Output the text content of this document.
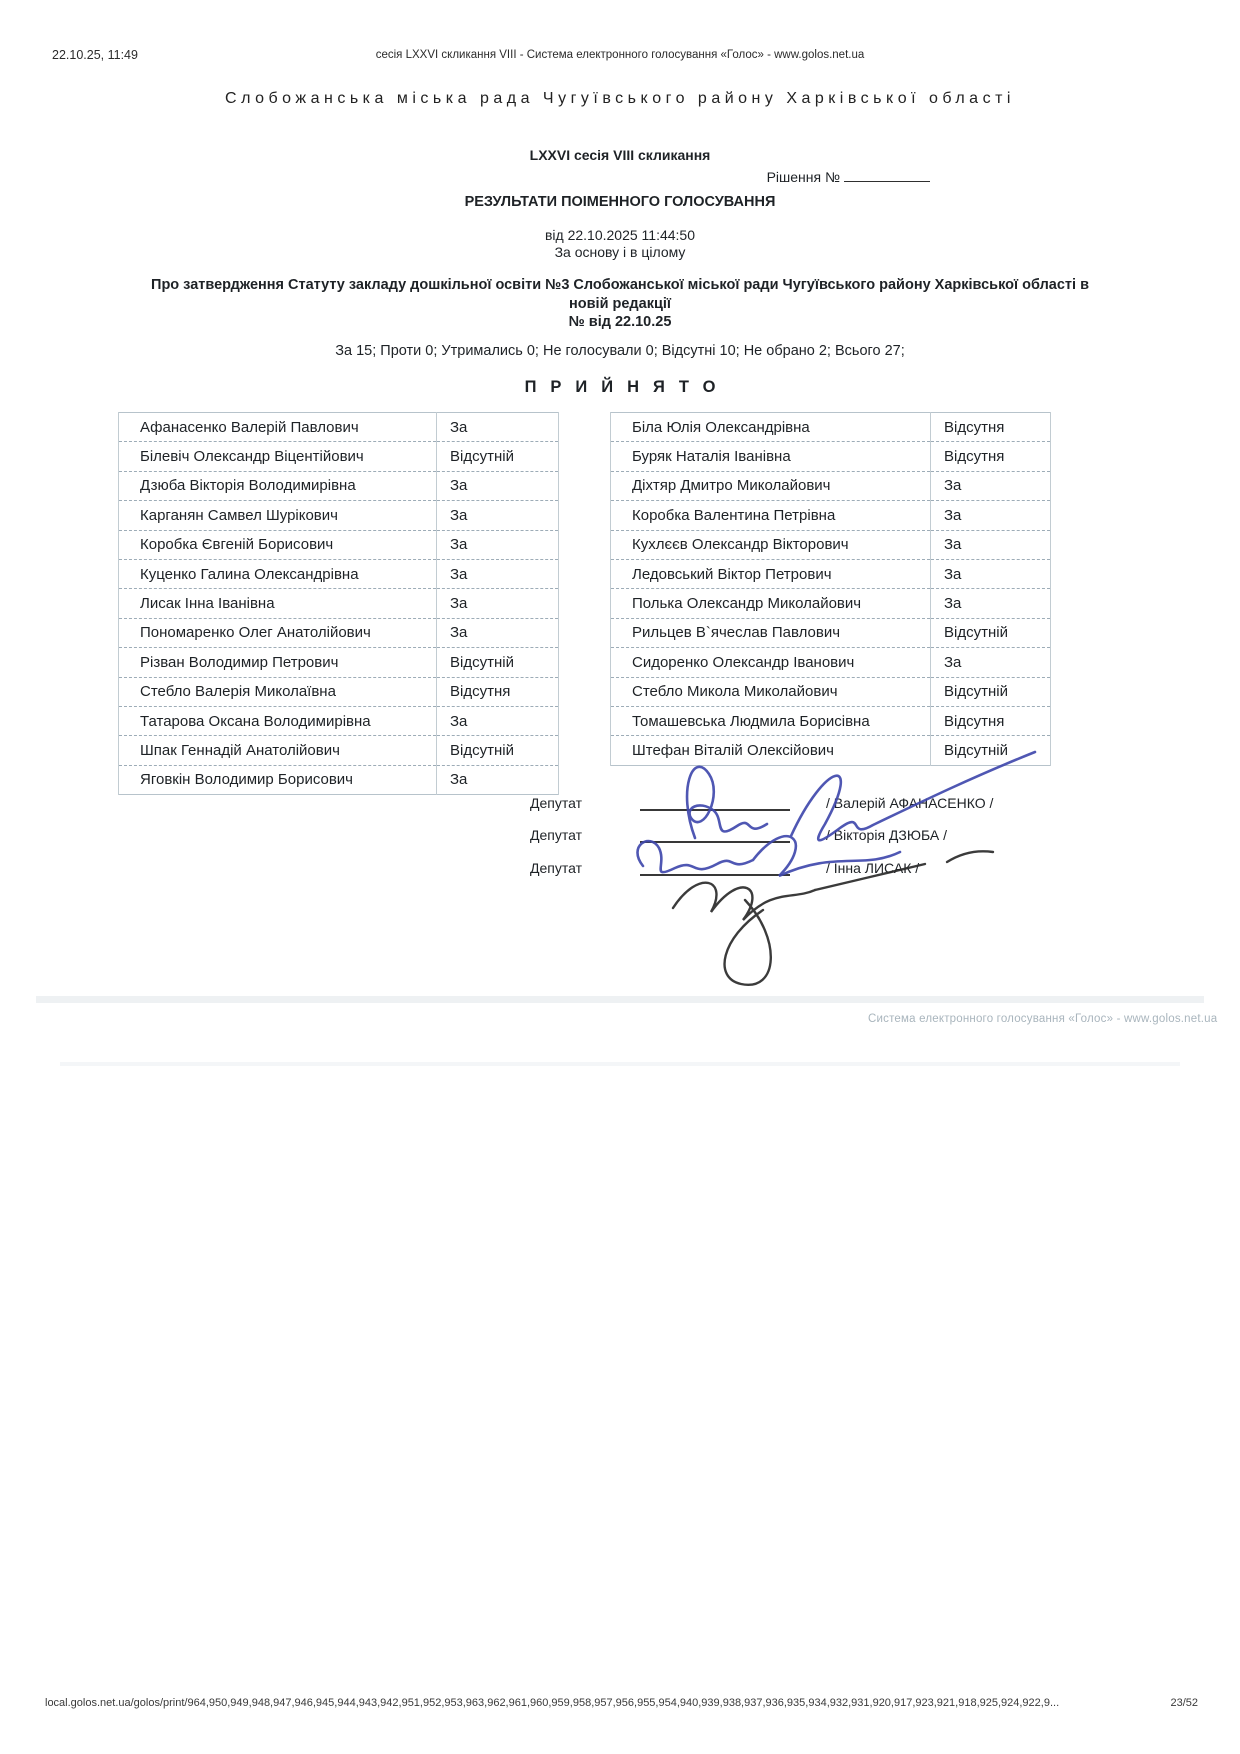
22.10.25, 11:49	сесія LXXVI скликання VIII - Система електронного голосування «Голос» - www.golos.net.ua
Слобожанська міська рада Чугуївського району Харківської області
LXXVI сесія VIII скликання
Рішення №
РЕЗУЛЬТАТИ ПОІМЕННОГО ГОЛОСУВАННЯ
від 22.10.2025 11:44:50
За основу і в цілому
Про затвердження Статуту закладу дошкільної освіти №3 Слобожанської міської ради Чугуївського району Харківської області в новій редакції
№ від 22.10.25
За 15; Проти 0; Утримались 0; Не голосували 0; Відсутні 10; Не обрано 2; Всього 27;
ПРИЙНЯТО
Афанасенко Валерій Павлович	За
Білевіч Олександр Віцентійович	Відсутній
Дзюба Вікторія Володимирівна	За
Карганян Самвел Шурікович	За
Коробка Євгеній Борисович	За
Куценко Галина Олександрівна	За
Лисак Інна Іванівна	За
Пономаренко Олег Анатолійович	За
Різван Володимир Петрович	Відсутній
Стебло Валерія Миколаївна	Відсутня
Татарова Оксана Володимирівна	За
Шпак Геннадій Анатолійович	Відсутній
Яговкін Володимир Борисович	За
Біла Юлія Олександрівна	Відсутня
Буряк Наталія Іванівна	Відсутня
Діхтяр Дмитро Миколайович	За
Коробка Валентина Петрівна	За
Кухлєєв Олександр Вікторович	За
Ледовський Віктор Петрович	За
Полька Олександр Миколайович	За
Рильцев В`ячеслав Павлович	Відсутній
Сидоренко Олександр Іванович	За
Стебло Микола Миколайович	Відсутній
Томашевська Людмила Борисівна	Відсутня
Штефан Віталій Олексійович	Відсутній
Депутат	/ Валерій АФАНАСЕНКО /
Депутат	/ Вікторія ДЗЮБА /
Депутат	/ Інна ЛИСАК /
Система електронного голосування «Голос» - www.golos.net.ua
local.golos.net.ua/golos/print/964,950,949,948,947,946,945,944,943,942,951,952,953,963,962,961,960,959,958,957,956,955,954,940,939,938,937,936,935,934,932,931,920,917,923,921,918,925,924,922,9...	23/52
